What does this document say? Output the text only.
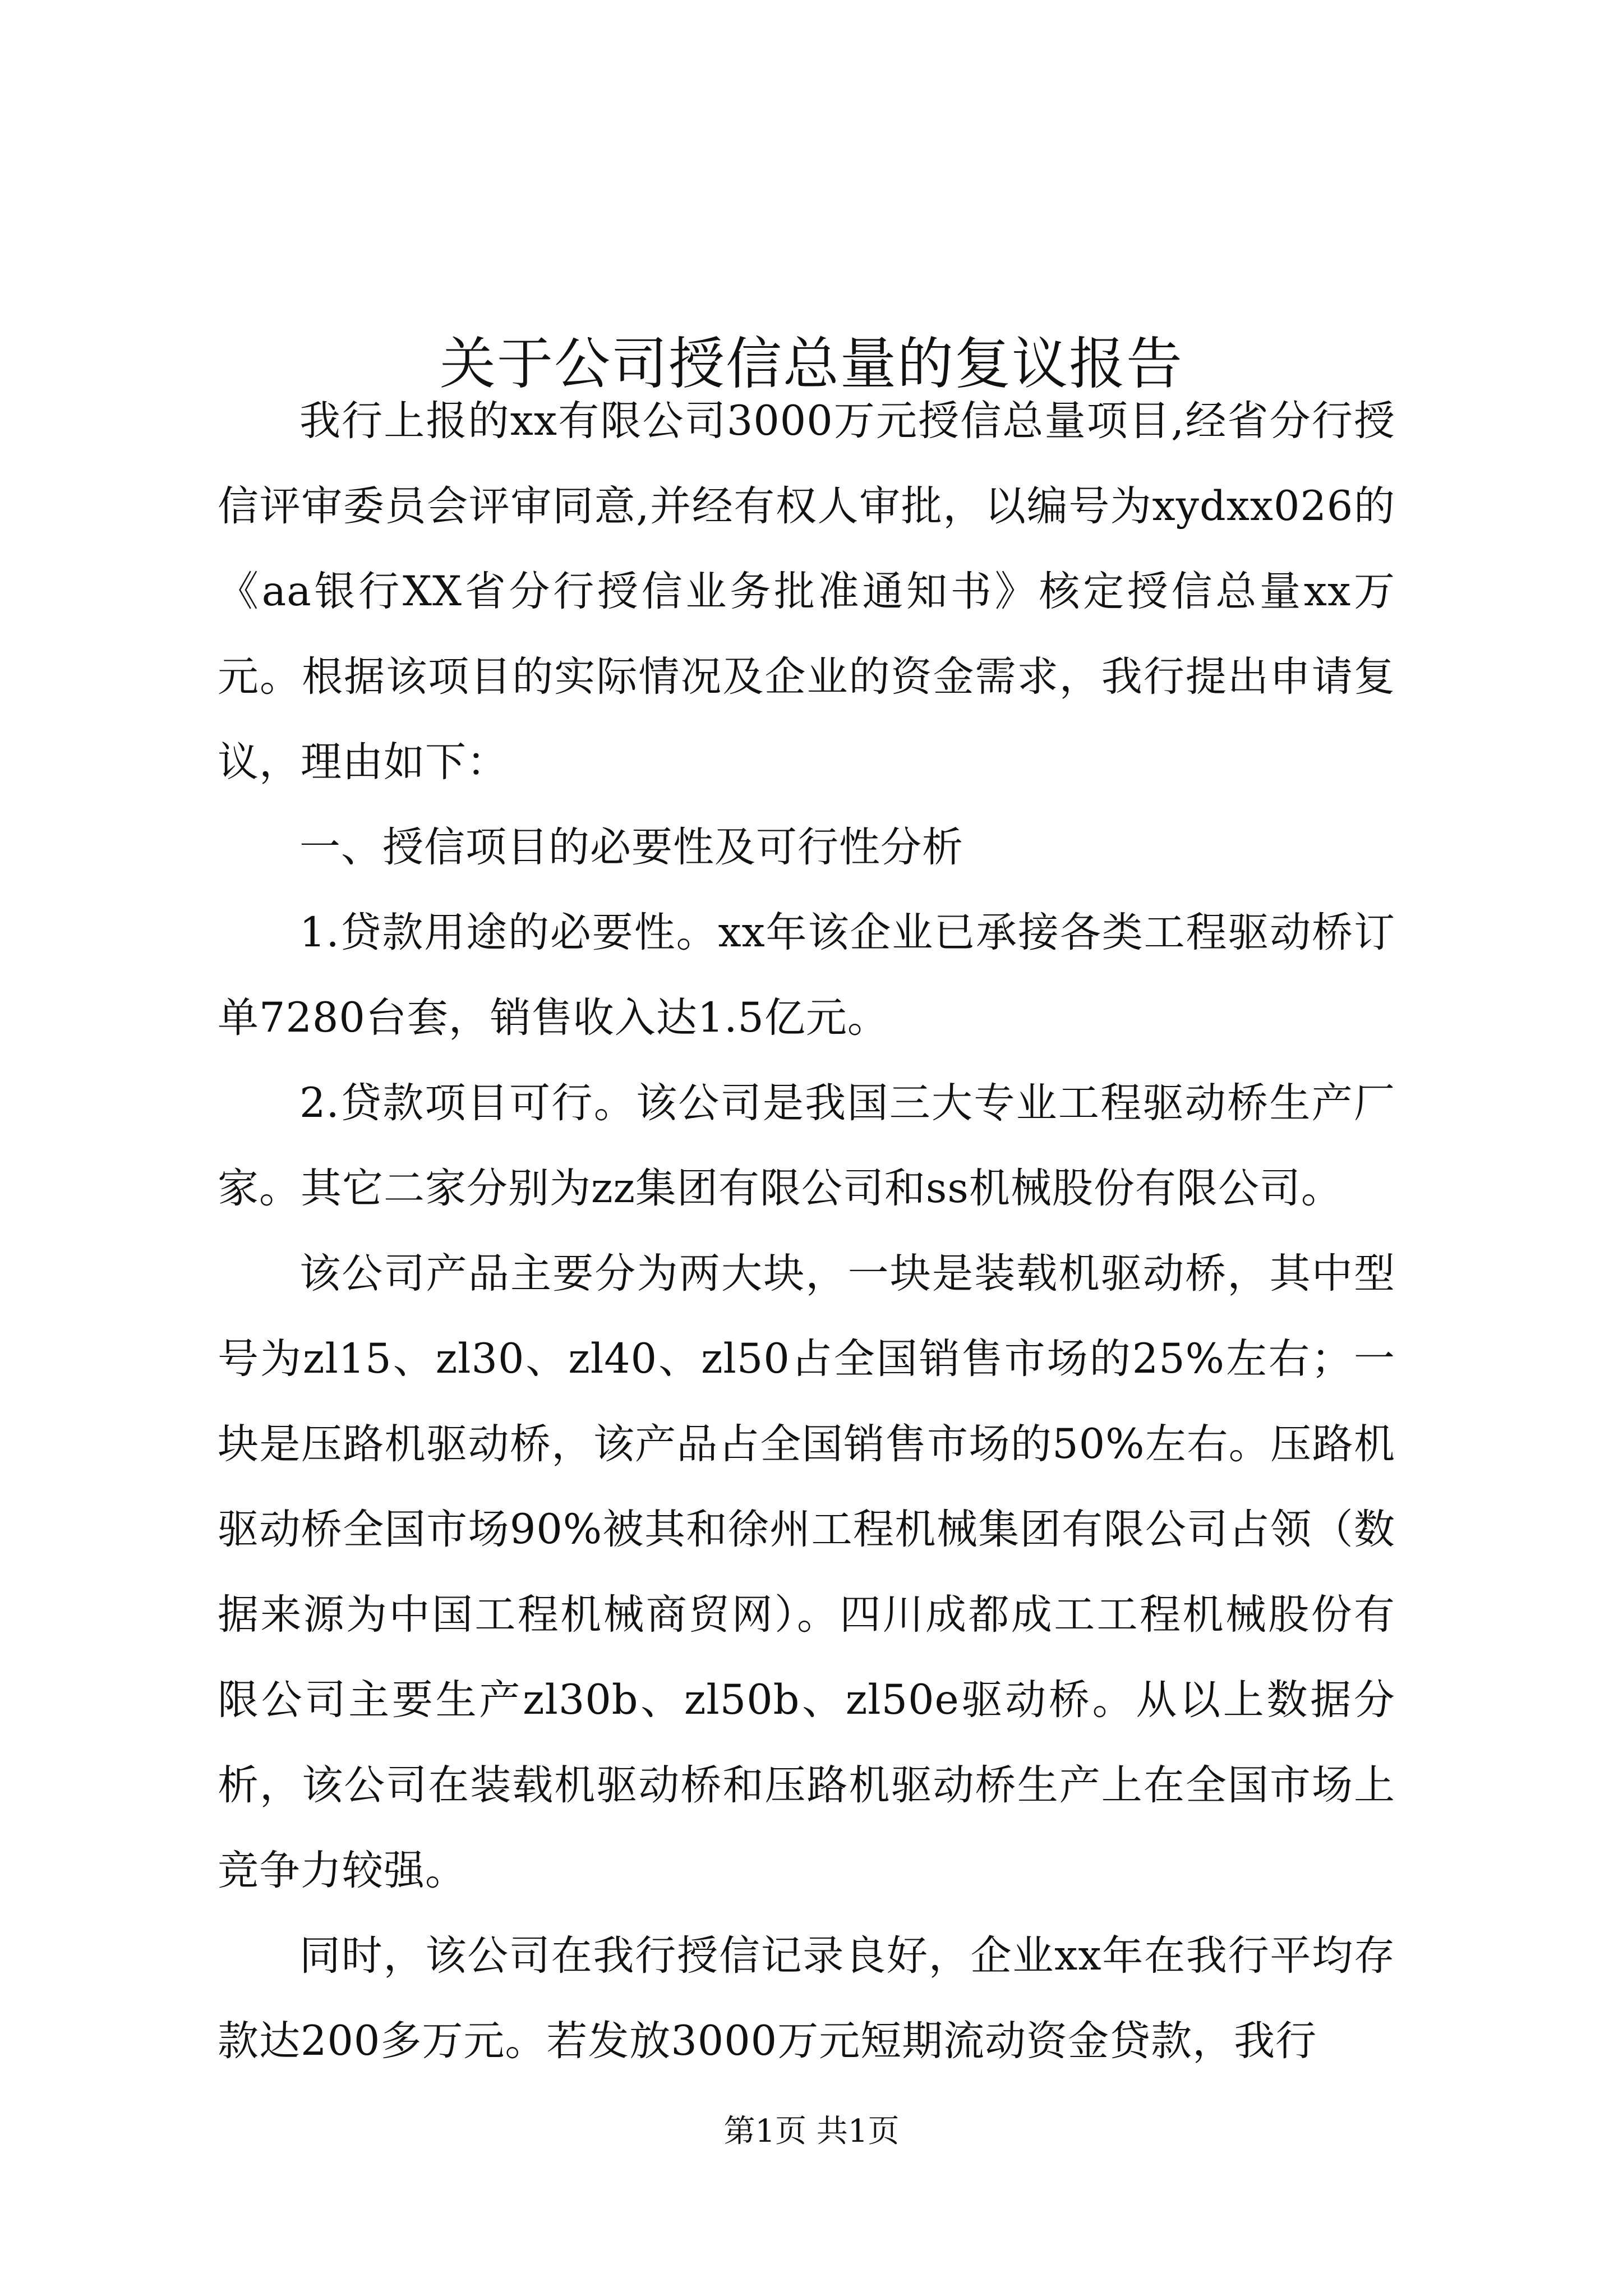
关于公司授信总量的复议报告

我行上报的xx有限公司3000万元授信总量项目,经省分行授信评审委员会评审同意,并经有权人审批，以编号为xydxx026的《aa银行XX省分行授信业务批准通知书》核定授信总量xx万元。根据该项目的实际情况及企业的资金需求，我行提出申请复议，理由如下：

一、授信项目的必要性及可行性分析

1.贷款用途的必要性。xx年该企业已承接各类工程驱动桥订单7280台套，销售收入达1.5亿元。

2.贷款项目可行。该公司是我国三大专业工程驱动桥生产厂家。其它二家分别为zz集团有限公司和ss机械股份有限公司。

该公司产品主要分为两大块，一块是装载机驱动桥，其中型号为zl15、zl30、zl40、zl50占全国销售市场的25%左右；一块是压路机驱动桥，该产品占全国销售市场的50%左右。压路机驱动桥全国市场90%被其和徐州工程机械集团有限公司占领（数据来源为中国工程机械商贸网）。四川成都成工工程机械股份有限公司主要生产zl30b、zl50b、zl50e驱动桥。从以上数据分析，该公司在装载机驱动桥和压路机驱动桥生产上在全国市场上竞争力较强。

同时，该公司在我行授信记录良好，企业xx年在我行平均存款达200多万元。若发放3000万元短期流动资金贷款，我行

第1页 共1页
